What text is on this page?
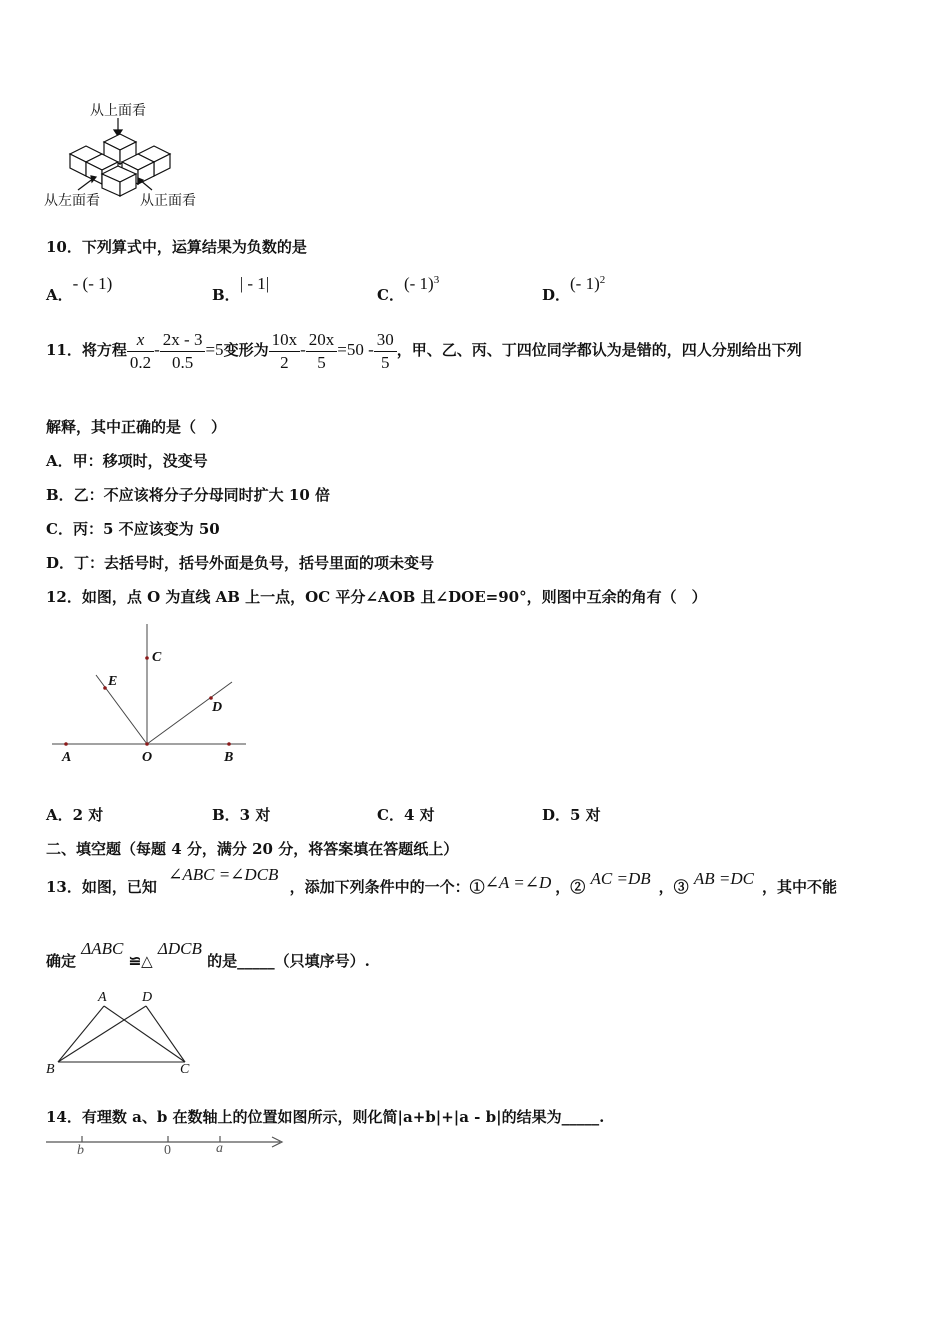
从上面看
从左面看	从正面看
10．下列算式中，运算结果为负数的是
A．- (- 1)
B．| - 1|
C．(- 1)$^3$
D．(- 1)$^2$
11．将方程 $\frac{x}{0.2} - \frac{2x - 3}{0.5} =5$变形为 $\frac{10x}{2} - \frac{20x}{5} =50 - \frac{30}{5}$ ，甲、乙、丙、丁四位同学都认为是错的，四人分别给出下列
解释，其中正确的是（　）
A．甲：移项时，没变号
B．乙：不应该将分子分母同时扩大 10 倍
C．丙：5 不应该变为 50
D．丁：去括号时，括号外面是负号，括号里面的项未变号
12．如图，点 O 为直线 AB 上一点，OC 平分∠AOB 且∠DOE=90°，则图中互余的角有（　）
A	O	B
C
E
D
A．2 对	B．3 对	C．4 对	D．5 对
二、填空题（每题 4 分，满分 20 分，将答案填在答题纸上）
13．如图，已知 ∠ABC =∠DCB ，添加下列条件中的一个：①∠A =∠D ，② AC =DB ，③ AB =DC ，其中不能
确定 ΔABC ≌△ ΔDCB 的是_____（只填序号）.
A	D
B	C
14．有理数 a、b 在数轴上的位置如图所示，则化简|a+b|+|a - b|的结果为_____.
b	0	a
